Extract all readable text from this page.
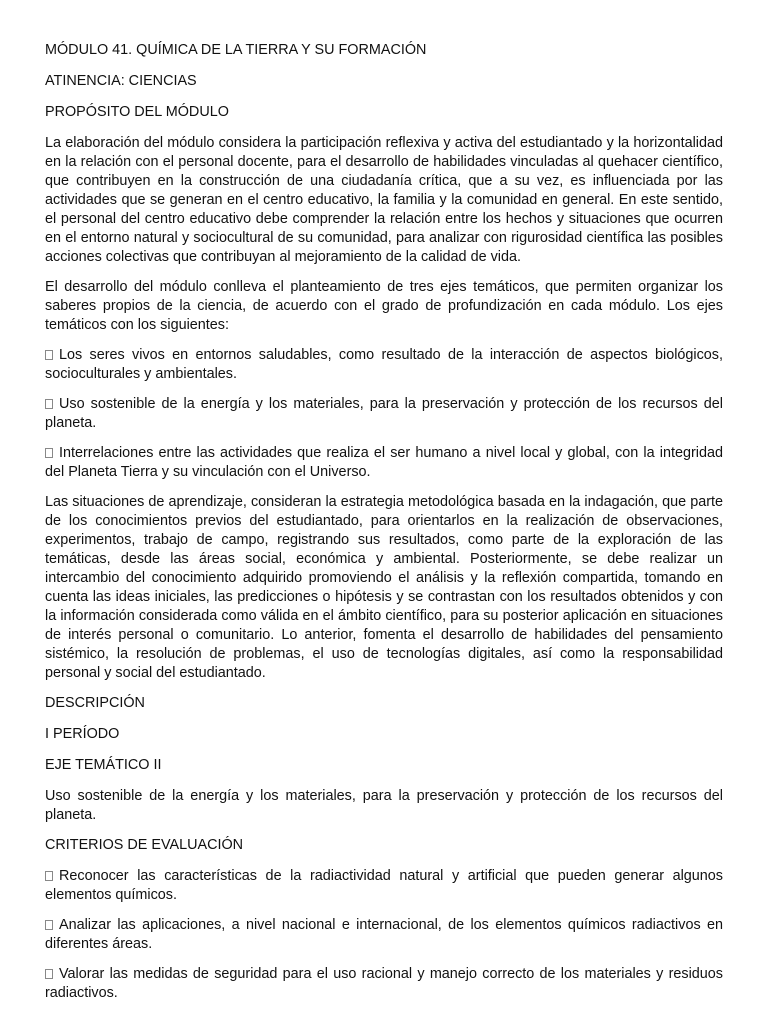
MÓDULO 41. QUÍMICA DE LA TIERRA Y SU FORMACIÓN
ATINENCIA: CIENCIAS
PROPÓSITO DEL MÓDULO

La elaboración del módulo considera la participación reflexiva y activa del estudiantado y la horizontalidad en la relación con el personal docente, para el desarrollo de habilidades vinculadas al quehacer científico, que contribuyen en la construcción de una ciudadanía crítica, que a su vez, es influenciada por las actividades que se generan en el centro educativo, la familia y la comunidad en general. En este sentido, el personal del centro educativo debe comprender la relación entre los hechos y situaciones que ocurren en el entorno natural y sociocultural de su comunidad, para analizar con rigurosidad científica las posibles acciones colectivas que contribuyan al mejoramiento de la calidad de vida.

El desarrollo del módulo conlleva el planteamiento de tres ejes temáticos, que permiten organizar los saberes propios de la ciencia, de acuerdo con el grado de profundización en cada módulo. Los ejes temáticos con los siguientes:

Los seres vivos en entornos saludables, como resultado de la interacción de aspectos biológicos, socioculturales y ambientales.

Uso sostenible de la energía y los materiales, para la preservación y protección de los recursos del planeta.

Interrelaciones entre las actividades que realiza el ser humano a nivel local y global, con la integridad del Planeta Tierra y su vinculación con el Universo.

Las situaciones de aprendizaje, consideran la estrategia metodológica basada en la indagación, que parte de los conocimientos previos del estudiantado, para orientarlos en la realización de observaciones, experimentos, trabajo de campo, registrando sus resultados, como parte de la exploración de las temáticas, desde las áreas social, económica y ambiental. Posteriormente, se debe realizar un intercambio del conocimiento adquirido promoviendo el análisis y la reflexión compartida, tomando en cuenta las ideas iniciales, las predicciones o hipótesis y se contrastan con los resultados obtenidos y con la información considerada como válida en el ámbito científico, para su posterior aplicación en situaciones de interés personal o comunitario. Lo anterior, fomenta el desarrollo de habilidades del pensamiento sistémico, la resolución de problemas, el uso de tecnologías digitales, así como la responsabilidad personal y social del estudiantado.

DESCRIPCIÓN
I PERÍODO
EJE TEMÁTICO II

Uso sostenible de la energía y los materiales, para la preservación y protección de los recursos del planeta.

CRITERIOS DE EVALUACIÓN

Reconocer las características de la radiactividad natural y artificial que pueden generar algunos elementos químicos.

Analizar las aplicaciones, a nivel nacional e internacional, de los elementos químicos radiactivos en diferentes áreas.

Valorar las medidas de seguridad para el uso racional y manejo correcto de los materiales y residuos radiactivos.
